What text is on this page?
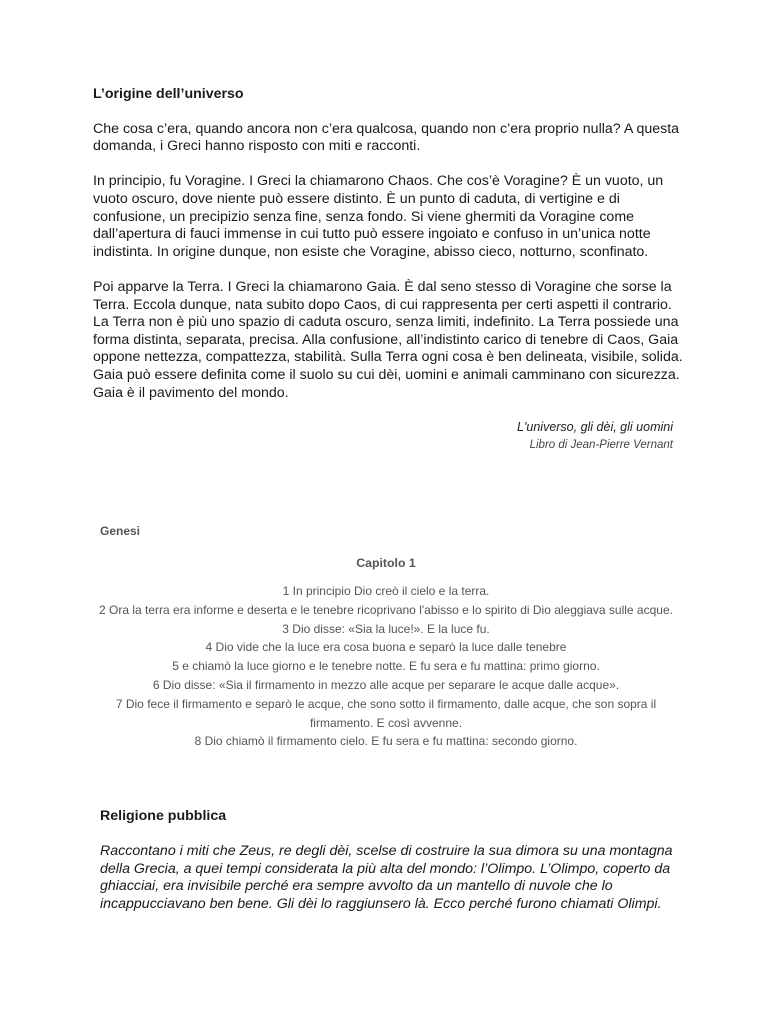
L’origine dell’universo

Che cosa c’era, quando ancora non c’era qualcosa, quando non c’era proprio nulla? A questa domanda, i Greci hanno risposto con miti e racconti.

In principio, fu Voragine. I Greci la chiamarono Chaos. Che cos’è Voragine? È un vuoto, un vuoto oscuro, dove niente può essere distinto. È un punto di caduta, di vertigine e di confusione, un precipizio senza fine, senza fondo. Si viene ghermiti da Voragine come dall’apertura di fauci immense in cui tutto può essere ingoiato e confuso in un’unica notte indistinta. In origine dunque, non esiste che Voragine, abisso cieco, notturno, sconfinato.

Poi apparve la Terra. I Greci la chiamarono Gaia. È dal seno stesso di Voragine che sorse la Terra. Eccola dunque, nata subito dopo Caos, di cui rappresenta per certi aspetti il contrario. La Terra non è più uno spazio di caduta oscuro, senza limiti, indefinito. La Terra possiede una forma distinta, separata, precisa. Alla confusione, all’indistinto carico di tenebre di Caos, Gaia oppone nettezza, compattezza, stabilità. Sulla Terra ogni cosa è ben delineata, visibile, solida. Gaia può essere definita come il suolo su cui dèi, uomini e animali camminano con sicurezza. Gaia è il pavimento del mondo.

L'universo, gli dèi, gli uomini
Libro di Jean-Pierre Vernant
Genesi
Capitolo 1
1 In principio Dio creò il cielo e la terra.
2 Ora la terra era informe e deserta e le tenebre ricoprivano l'abisso e lo spirito di Dio aleggiava sulle acque.
3 Dio disse: «Sia la luce!». E la luce fu.
4 Dio vide che la luce era cosa buona e separò la luce dalle tenebre
5 e chiamò la luce giorno e le tenebre notte. E fu sera e fu mattina: primo giorno.
6 Dio disse: «Sia il firmamento in mezzo alle acque per separare le acque dalle acque».
7 Dio fece il firmamento e separò le acque, che sono sotto il firmamento, dalle acque, che son sopra il
firmamento. E così avvenne.
8 Dio chiamò il firmamento cielo. E fu sera e fu mattina: secondo giorno.
Religione pubblica

Raccontano i miti che Zeus, re degli dèi, scelse di costruire la sua dimora su una montagna della Grecia, a quei tempi considerata la più alta del mondo: l’Olimpo. L’Olimpo, coperto da ghiacciai, era invisibile perché era sempre avvolto da un mantello di nuvole che lo incappucciavano ben bene. Gli dèi lo raggiunsero là. Ecco perché furono chiamati Olimpi.
